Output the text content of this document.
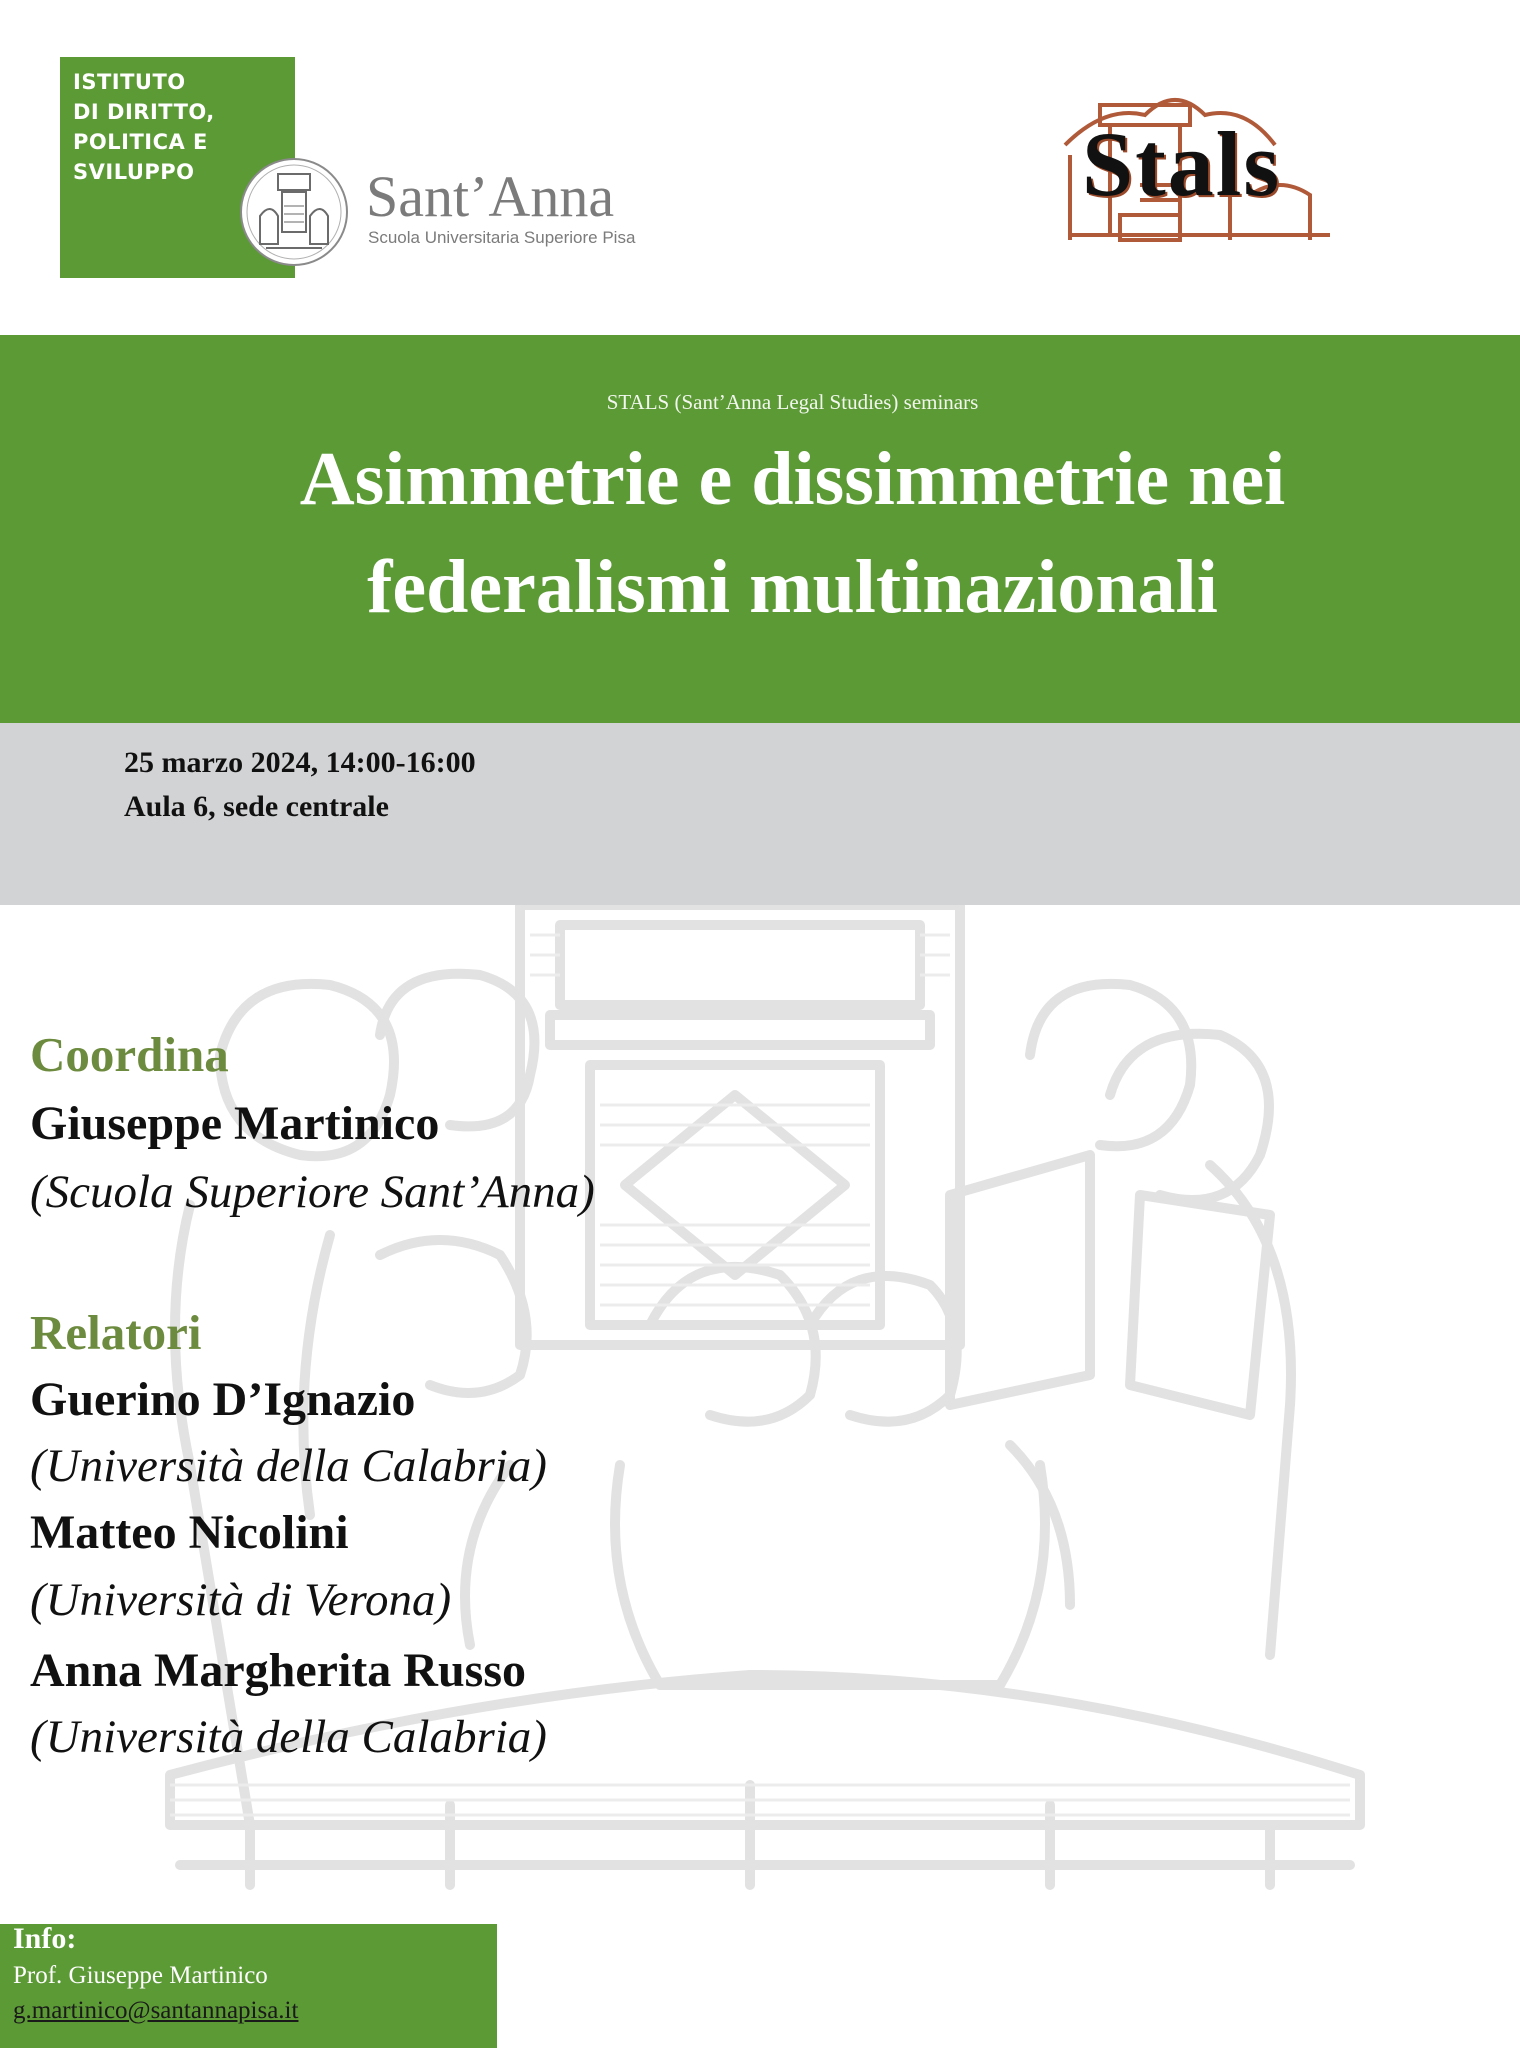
ISTITUTO
DI DIRITTO,
POLITICA E
SVILUPPO	Sant’Anna
Scuola Universitaria Superiore Pisa
Stals
STALS (Sant’Anna Legal Studies) seminars
Asimmetrie e dissimmetrie nei
federalismi multinazionali
25 marzo 2024, 14:00-16:00
Aula 6, sede centrale
Coordina
Giuseppe Martinico
(Scuola Superiore Sant’Anna)
Relatori
Guerino D’Ignazio
(Università della Calabria)
Matteo Nicolini
(Università di Verona)
Anna Margherita Russo
(Università della Calabria)
Info:
Prof. Giuseppe Martinico
g.martinico@santannapisa.it
